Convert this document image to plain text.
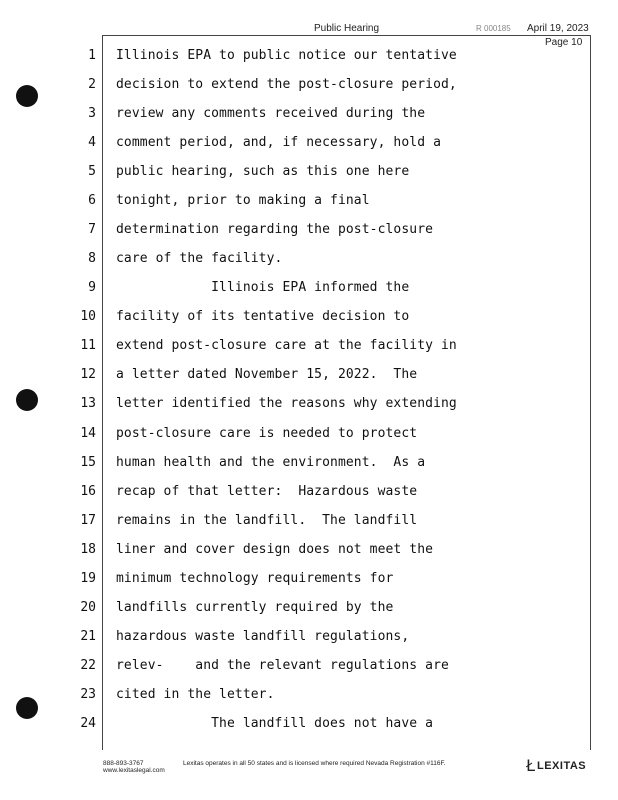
Public Hearing	R 000185 April 19, 2023
Page 10
1 Illinois EPA to public notice our tentative
2 decision to extend the post-closure period,
3 review any comments received during the
4 comment period, and, if necessary, hold a
5 public hearing, such as this one here
6 tonight, prior to making a final
7 determination regarding the post-closure
8 care of the facility.
9 Illinois EPA informed the
10 facility of its tentative decision to
11 extend post-closure care at the facility in
12 a letter dated November 15, 2022.  The
13 letter identified the reasons why extending
14 post-closure care is needed to protect
15 human health and the environment.  As a
16 recap of that letter:  Hazardous waste
17 remains in the landfill.  The landfill
18 liner and cover design does not meet the
19 minimum technology requirements for
20 landfills currently required by the
21 hazardous waste landfill regulations,
22 relev-    and the relevant regulations are
23 cited in the letter.
24 The landfill does not have a
888-893-3767
www.lexitaslegal.com
Lexitas operates in all 50 states and is licensed where required Nevada Registration #116F.	Ł LEXITAS
